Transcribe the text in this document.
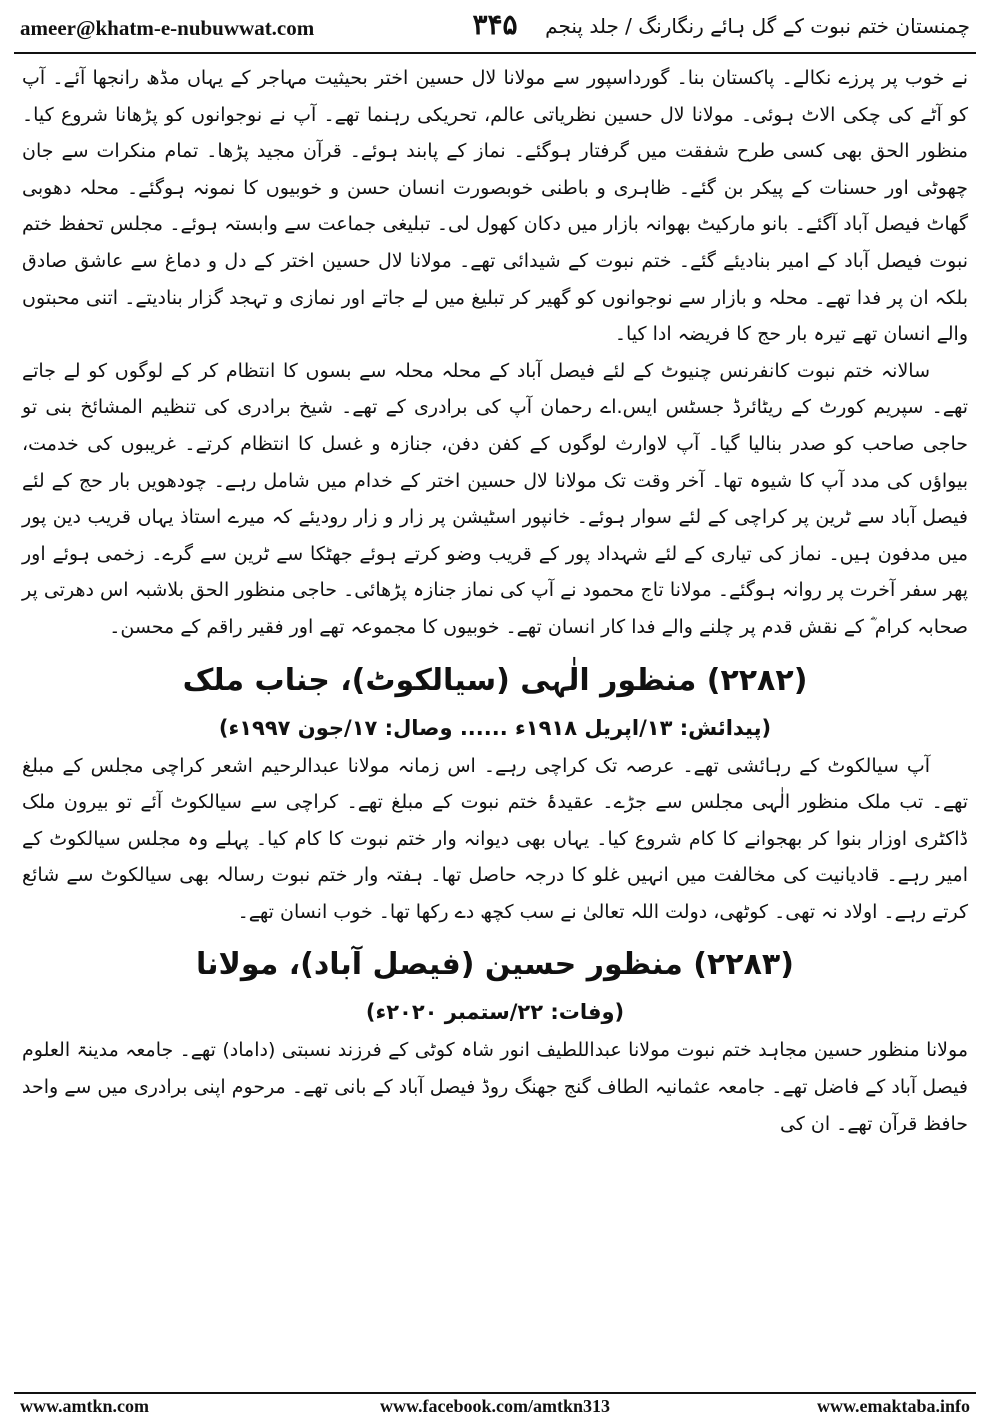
ameer@khatm-e-nubuwwat.com	۳۴۵	چمنستان ختم نبوت کے گل ہائے رنگارنگ / جلد پنجم

نے خوب پر پرزے نکالے۔ پاکستان بنا۔ گورداسپور سے مولانا لال حسین اختر بحیثیت مہاجر کے یہاں مڈھ رانجھا آئے۔ آپ کو آٹے کی چکی الاٹ ہوئی۔ مولانا لال حسین نظریاتی عالم، تحریکی رہنما تھے۔ آپ نے نوجوانوں کو پڑھانا شروع کیا۔ منظور الحق بھی کسی طرح شفقت میں گرفتار ہوگئے۔ نماز کے پابند ہوئے۔ قرآن مجید پڑھا۔ تمام منکرات سے جان چھوٹی اور حسنات کے پیکر بن گئے۔ ظاہری و باطنی خوبصورت انسان حسن و خوبیوں کا نمونہ ہوگئے۔ محلہ دھوبی گھاٹ فیصل آباد آگئے۔ بانو مارکیٹ بھوانہ بازار میں دکان کھول لی۔ تبلیغی جماعت سے وابستہ ہوئے۔ مجلس تحفظ ختم نبوت فیصل آباد کے امیر بنادیئے گئے۔ ختم نبوت کے شیدائی تھے۔ مولانا لال حسین اختر کے دل و دماغ سے عاشق صادق بلکہ ان پر فدا تھے۔ محلہ و بازار سے نوجوانوں کو گھیر کر تبلیغ میں لے جاتے اور نمازی و تہجد گزار بنادیتے۔ اتنی محبتوں والے انسان تھے تیرہ بار حج کا فریضہ ادا کیا۔

سالانہ ختم نبوت کانفرنس چنیوٹ کے لئے فیصل آباد کے محلہ محلہ سے بسوں کا انتظام کر کے لوگوں کو لے جاتے تھے۔ سپریم کورٹ کے ریٹائرڈ جسٹس ایس.اے رحمان آپ کی برادری کے تھے۔ شیخ برادری کی تنظیم المشائخ بنی تو حاجی صاحب کو صدر بنالیا گیا۔ آپ لاوارث لوگوں کے کفن دفن، جنازہ و غسل کا انتظام کرتے۔ غریبوں کی خدمت، بیواؤں کی مدد آپ کا شیوہ تھا۔ آخر وقت تک مولانا لال حسین اختر کے خدام میں شامل رہے۔ چودھویں بار حج کے لئے فیصل آباد سے ٹرین پر کراچی کے لئے سوار ہوئے۔ خانپور اسٹیشن پر زار و زار رودیئے کہ میرے استاذ یہاں قریب دین پور میں مدفون ہیں۔ نماز کی تیاری کے لئے شہداد پور کے قریب وضو کرتے ہوئے جھٹکا سے ٹرین سے گرے۔ زخمی ہوئے اور پھر سفر آخرت پر روانہ ہوگئے۔ مولانا تاج محمود نے آپ کی نماز جنازہ پڑھائی۔ حاجی منظور الحق بلاشبہ اس دھرتی پر صحابہ کرام ؓ کے نقش قدم پر چلنے والے فدا کار انسان تھے۔ خوبیوں کا مجموعہ تھے اور فقیر راقم کے محسن۔

(۲۲۸۲) منظور الٰہی (سیالکوٹ)، جناب ملک
(پیدائش: ۱۳/اپریل ۱۹۱۸ء ...... وصال: ۱۷/جون ۱۹۹۷ء)

آپ سیالکوٹ کے رہائشی تھے۔ عرصہ تک کراچی رہے۔ اس زمانہ مولانا عبدالرحیم اشعر کراچی مجلس کے مبلغ تھے۔ تب ملک منظور الٰہی مجلس سے جڑے۔ عقیدۂ ختم نبوت کے مبلغ تھے۔ کراچی سے سیالکوٹ آئے تو بیرون ملک ڈاکٹری اوزار بنوا کر بھجوانے کا کام شروع کیا۔ یہاں بھی دیوانہ وار ختم نبوت کا کام کیا۔ پہلے وہ مجلس سیالکوٹ کے امیر رہے۔ قادیانیت کی مخالفت میں انہیں غلو کا درجہ حاصل تھا۔ ہفتہ وار ختم نبوت رسالہ بھی سیالکوٹ سے شائع کرتے رہے۔ اولاد نہ تھی۔ کوٹھی، دولت اللہ تعالیٰ نے سب کچھ دے رکھا تھا۔ خوب انسان تھے۔

(۲۲۸۳) منظور حسین (فیصل آباد)، مولانا
(وفات: ۲۲/ستمبر ۲۰۲۰ء)

مولانا منظور حسین مجاہد ختم نبوت مولانا عبداللطیف انور شاہ کوٹی کے فرزند نسبتی (داماد) تھے۔ جامعہ مدینۃ العلوم فیصل آباد کے فاضل تھے۔ جامعہ عثمانیہ الطاف گنج جھنگ روڈ فیصل آباد کے بانی تھے۔ مرحوم اپنی برادری میں سے واحد حافظ قرآن تھے۔ ان کی

www.amtkn.com	www.facebook.com/amtkn313	www.emaktaba.info
